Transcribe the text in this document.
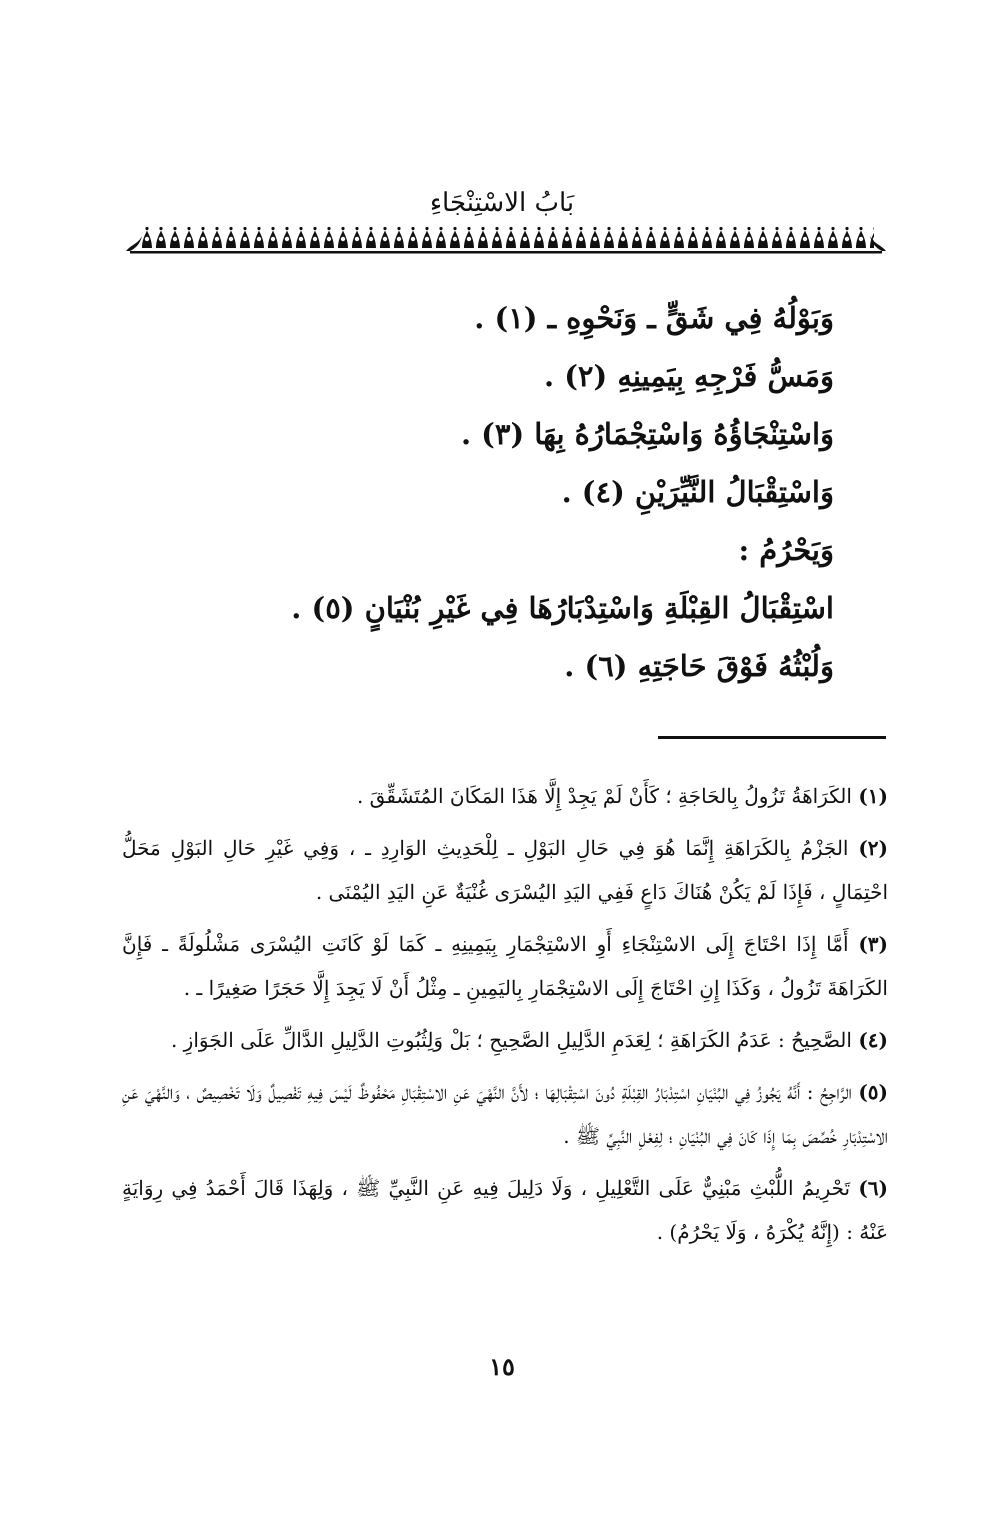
بَابُ الاسْتِنْجَاءِ
وَبَوْلُهُ فِي شَقٍّ ـ وَنَحْوِهِ ـ (١) .
وَمَسُّ فَرْجِهِ بِيَمِينِهِ (٢) .
وَاسْتِنْجَاؤُهُ وَاسْتِجْمَارُهُ بِهَا (٣) .
وَاسْتِقْبَالُ النَّيِّرَيْنِ (٤) .
وَيَحْرُمُ :
اسْتِقْبَالُ القِبْلَةِ وَاسْتِدْبَارُهَا فِي غَيْرِ بُنْيَانٍ (٥) .
وَلُبْثُهُ فَوْقَ حَاجَتِهِ (٦) .

(١) الكَرَاهَةُ تَزُولُ بِالحَاجَةِ ؛ كَأَنْ لَمْ يَجِدْ إِلَّا هَذَا المَكَانَ المُتَشَقِّقَ .

(٢) الجَزْمُ بِالكَرَاهَةِ إِنَّمَا هُوَ فِي حَالِ البَوْلِ ـ لِلْحَدِيثِ الوَارِدِ ـ ، وَفِي غَيْرِ حَالِ البَوْلِ مَحَلُّ احْتِمَالٍ ، فَإِذَا لَمْ يَكُنْ هُنَاكَ دَاعٍ فَفِي اليَدِ اليُسْرَى غُنْيَةٌ عَنِ اليَدِ اليُمْنَى .

(٣) أَمَّا إِذَا احْتَاجَ إِلَى الاسْتِنْجَاءِ أَوِ الاسْتِجْمَارِ بِيَمِينِهِ ـ كَمَا لَوْ كَانَتِ اليُسْرَى مَشْلُولَةً ـ فَإِنَّ الكَرَاهَةَ تَزُولُ ، وَكَذَا إِنِ احْتَاجَ إِلَى الاسْتِجْمَارِ بِاليَمِينِ ـ مِثْلُ أَنْ لَا يَجِدَ إِلَّا حَجَرًا صَغِيرًا ـ .

(٤) الصَّحِيحُ : عَدَمُ الكَرَاهَةِ ؛ لِعَدَمِ الدَّلِيلِ الصَّحِيحِ ؛ بَلْ وَلِثُبُوتِ الدَّلِيلِ الدَّالِّ عَلَى الجَوَازِ .

(٥) الرَّاجِحُ : أَنَّهُ يَجُوزُ فِي البُنْيَانِ اسْتِدْبَارُ القِبْلَةِ دُونَ اسْتِقْبَالِهَا ؛ لأَنَّ النَّهْيَ عَنِ الاسْتِقْبَالِ مَحْفُوظٌ لَيْسَ فِيهِ تَفْصِيلٌ وَلَا تَخْصِيصٌ ، وَالنَّهْيَ عَنِ الاسْتِدْبَارِ خُصِّصَ بِمَا إِذَا كَانَ فِي البُنْيَانِ ؛ لِفِعْلِ النَّبِيِّ ﷺ .

(٦) تَحْرِيمُ اللُّبْثِ مَبْنِيٌّ عَلَى التَّعْلِيلِ ، وَلَا دَلِيلَ فِيهِ عَنِ النَّبِيِّ ﷺ ، وَلِهَذَا قَالَ أَحْمَدُ فِي رِوَايَةٍ عَنْهُ : (إِنَّهُ يُكْرَهُ ، وَلَا يَحْرُمُ) .

١٥
